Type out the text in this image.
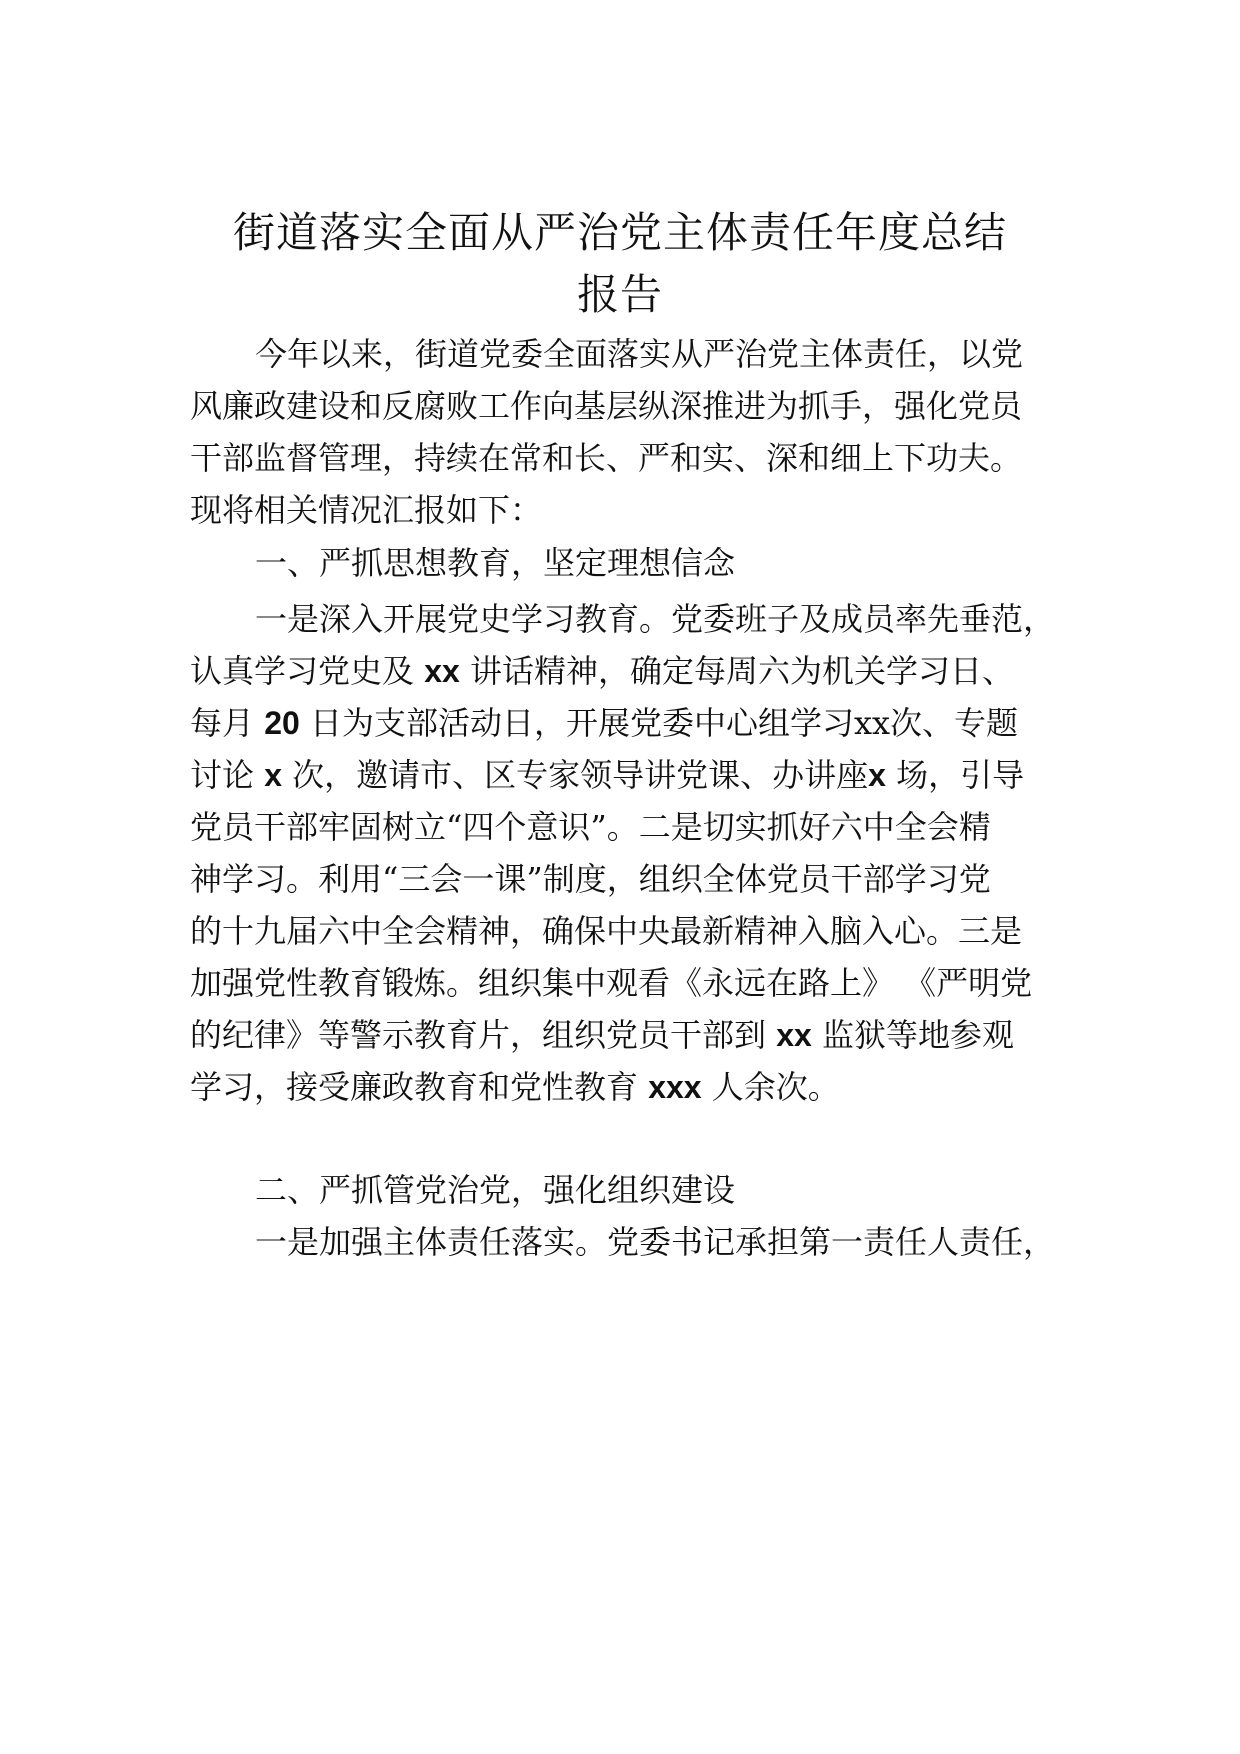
街道落实全面从严治党主体责任年度总结
报告
今年以来，街道党委全面落实从严治党主体责任，以党
风廉政建设和反腐败工作向基层纵深推进为抓手，强化党员
干部监督管理，持续在常和长、严和实、深和细上下功夫。
现将相关情况汇报如下：
一、严抓思想教育，坚定理想信念
一是深入开展党史学习教育。党委班子及成员率先垂范，
认真学习党史及 xx 讲话精神，确定每周六为机关学习日、
每月 20 日为支部活动日，开展党委中心组学习xx次、专题
讨论 x 次，邀请市、区专家领导讲党课、办讲座x 场，引导
党员干部牢固树立“四个意识”。二是切实抓好六中全会精
神学习。利用“三会一课”制度，组织全体党员干部学习党
的十九届六中全会精神，确保中央最新精神入脑入心。三是
加强党性教育锻炼。组织集中观看《永远在路上》 《严明党
的纪律》等警示教育片，组织党员干部到 xx 监狱等地参观
学习，接受廉政教育和党性教育 xxx 人余次。
二、严抓管党治党，强化组织建设
一是加强主体责任落实。党委书记承担第一责任人责任，
